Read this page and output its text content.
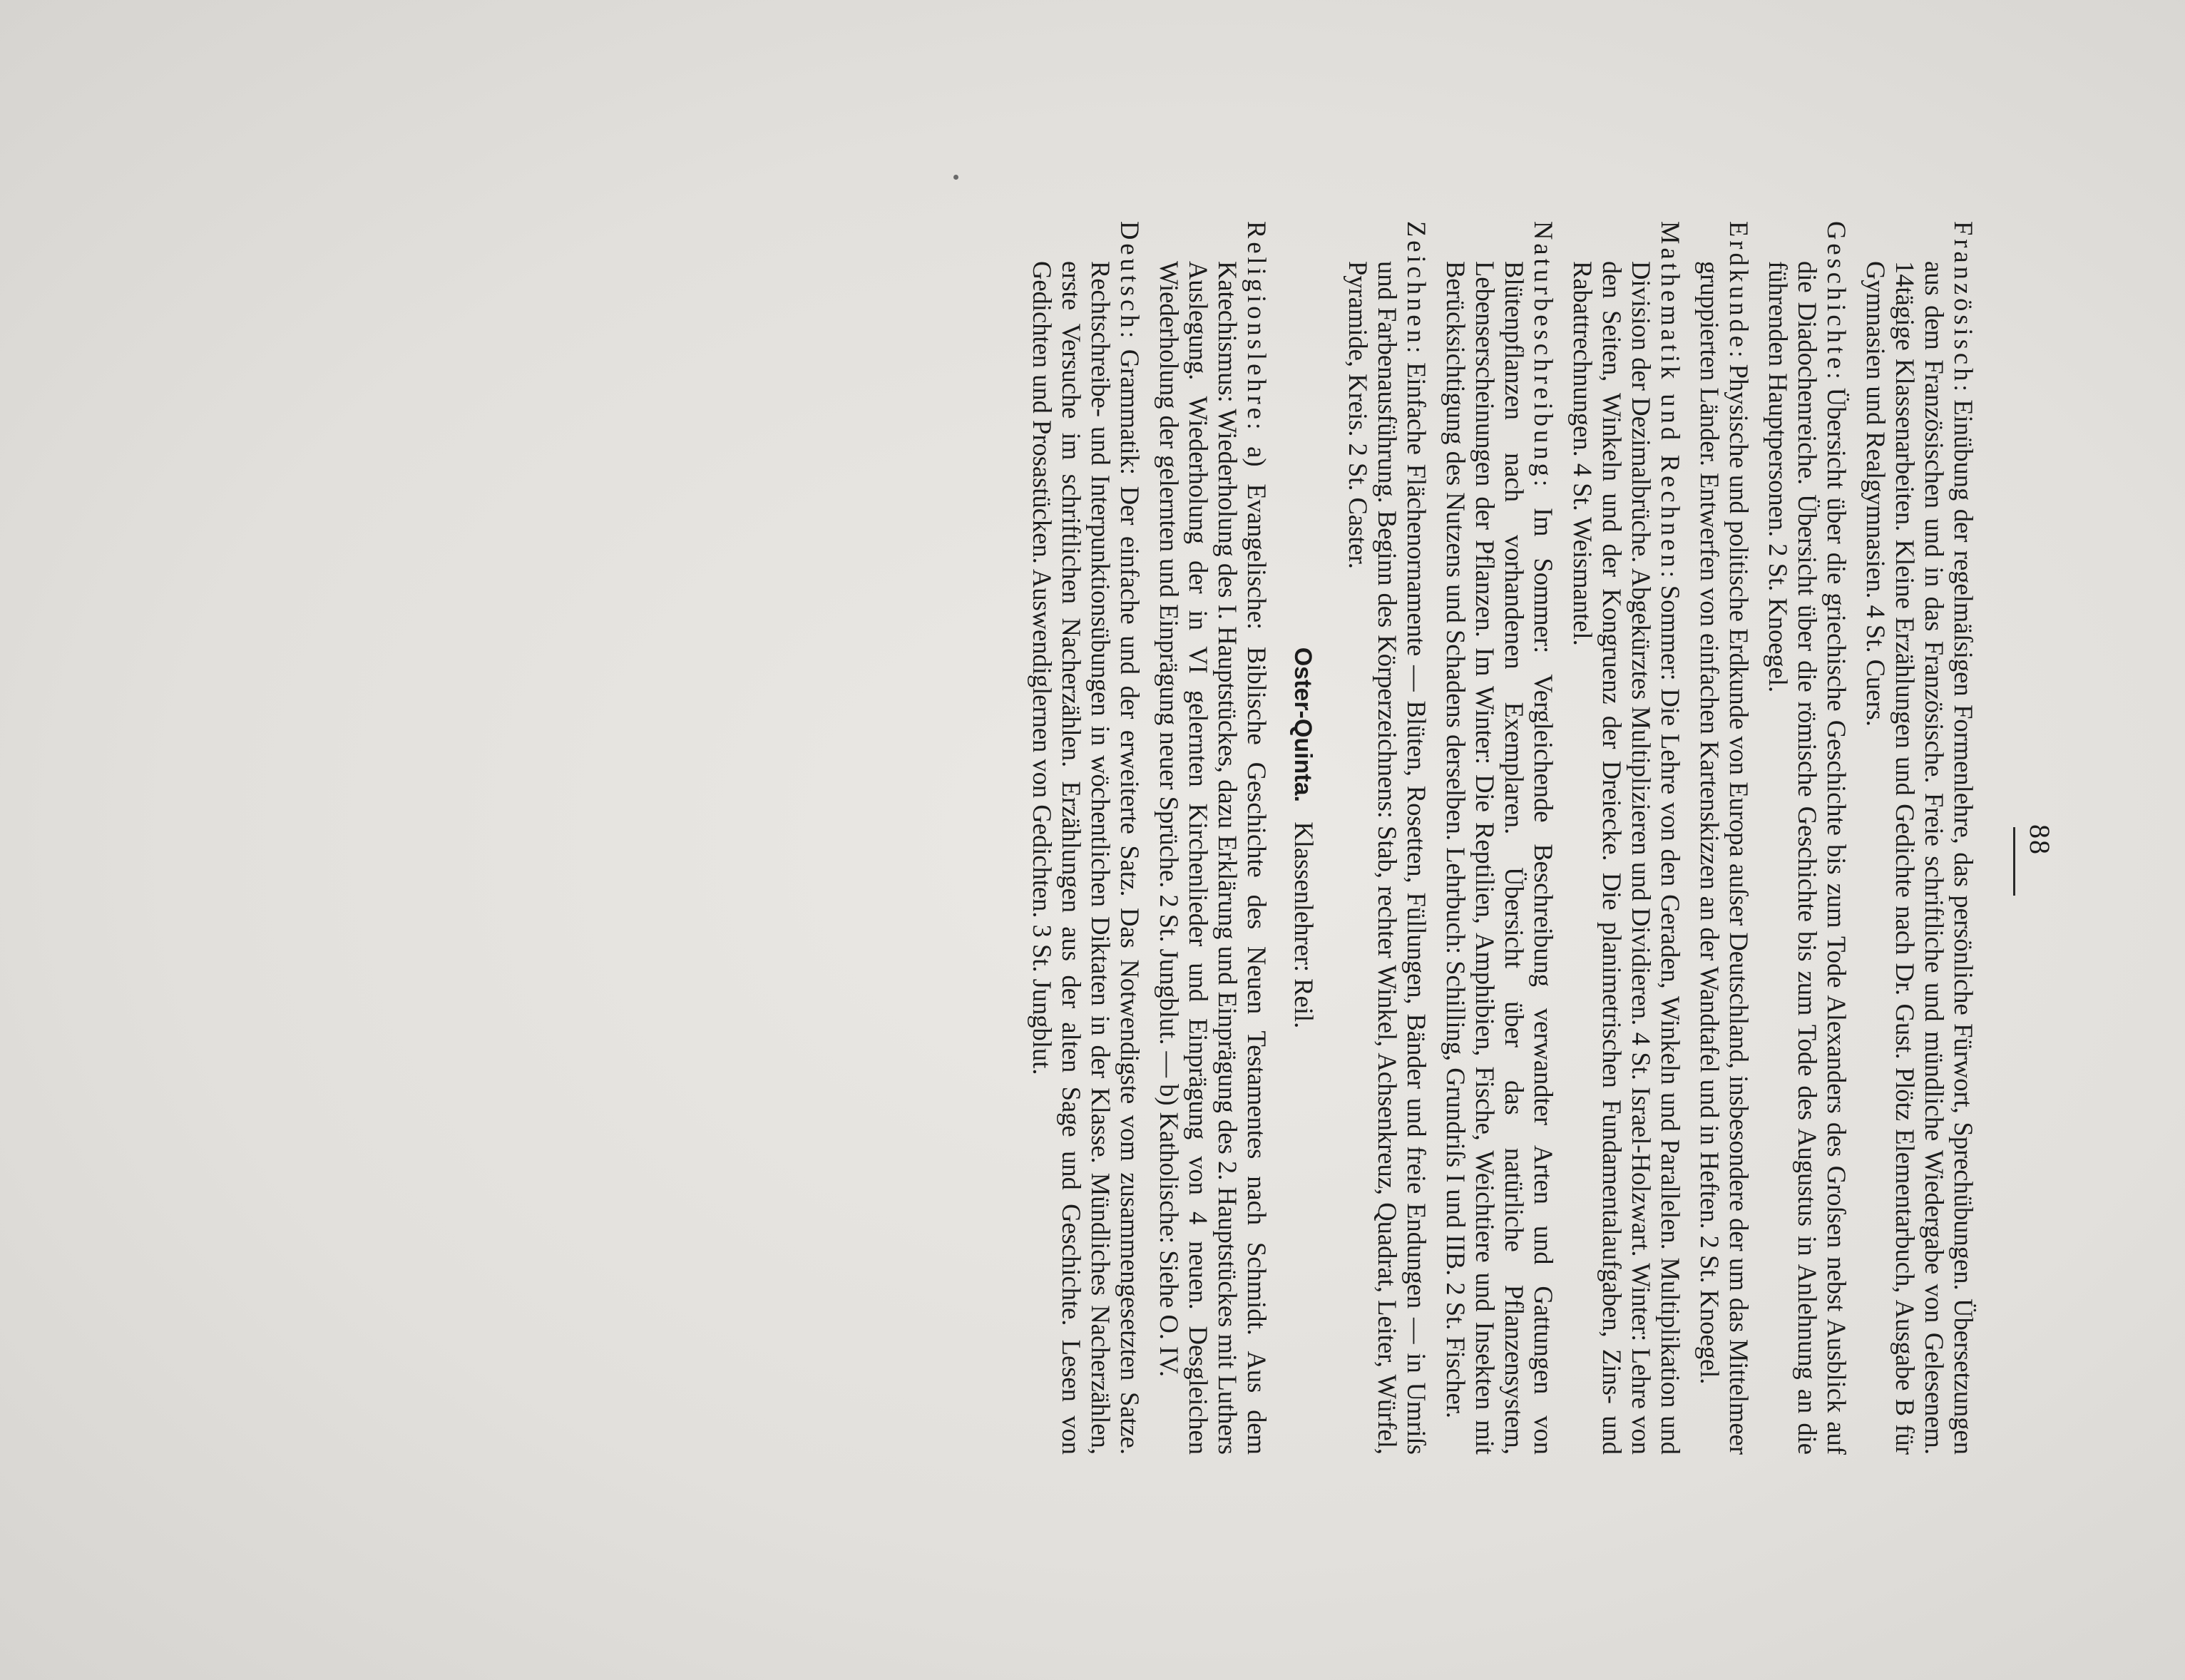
88

Französisch: Einübung der regelmäſsigen Formenlehre, das persönliche Fürwort, Sprechübungen. Übersetzungen aus dem Französischen und in das Französische. Freie schriftliche und mündliche Wiedergabe von Gelesenem. 14tägige Klassenarbeiten. Kleine Erzählungen und Gedichte nach Dr. Gust. Plötz Elementarbuch, Ausgabe B für Gymnasien und Realgymnasien. 4 St. Cuers.

Geschichte: Übersicht über die griechische Geschichte bis zum Tode Alexanders des Groſsen nebst Ausblick auf die Diadochenreiche. Übersicht über die römische Geschichte bis zum Tode des Augustus in Anlehnung an die führenden Hauptpersonen. 2 St. Knoegel.

Erdkunde: Physische und politische Erdkunde von Europa auſser Deutschland, insbesondere der um das Mittelmeer gruppierten Länder. Entwerfen von einfachen Kartenskizzen an der Wandtafel und in Heften. 2 St. Knoegel.

Mathematik und Rechnen: Sommer: Die Lehre von den Geraden, Winkeln und Parallelen. Multiplikation und Division der Dezimalbrüche. Abgekürztes Multiplizieren und Dividieren. 4 St. Israel-Holzwart. Winter: Lehre von den Seiten, Winkeln und der Kongruenz der Dreiecke. Die planimetrischen Fundamentalaufgaben, Zins- und Rabattrechnungen. 4 St. Weismantel.

Naturbeschreibung: Im Sommer: Vergleichende Beschreibung verwandter Arten und Gattungen von Blütenpflanzen nach vorhandenen Exemplaren. Übersicht über das natürliche Pflanzensystem, Lebenserscheinungen der Pflanzen. Im Winter: Die Reptilien, Amphibien, Fische, Weichtiere und Insekten mit Berücksichtigung des Nutzens und Schadens derselben. Lehrbuch: Schilling, Grundriſs I und IIB. 2 St. Fischer.

Zeichnen: Einfache Flächenornamente — Blüten, Rosetten, Füllungen, Bänder und freie Endungen — in Umriſs und Farbenausführung. Beginn des Körperzeichnens: Stab, rechter Winkel, Achsenkreuz, Quadrat, Leiter, Würfel, Pyramide, Kreis. 2 St. Caster.

Oster-Quinta.   Klassenlehrer: Reil.

Religionslehre: a) Evangelische: Biblische Geschichte des Neuen Testamentes nach Schmidt. Aus dem Katechismus: Wiederholung des I. Hauptstückes, dazu Erklärung und Einprägung des 2. Hauptstückes mit Luthers Auslegung. Wiederholung der in VI gelernten Kirchenlieder und Einprägung von 4 neuen. Desgleichen Wiederholung der gelernten und Einprägung neuer Sprüche. 2 St. Jungblut. — b) Katholische: Siehe O. IV.

Deutsch: Grammatik: Der einfache und der erweiterte Satz. Das Notwendigste vom zusammengesetzten Satze. Rechtschreibe- und Interpunktionsübungen in wöchentlichen Diktaten in der Klasse. Mündliches Nacherzählen, erste Versuche im schriftlichen Nacherzählen. Erzählungen aus der alten Sage und Geschichte. Lesen von Gedichten und Prosastücken. Auswendiglernen von Gedichten. 3 St. Jungblut.
